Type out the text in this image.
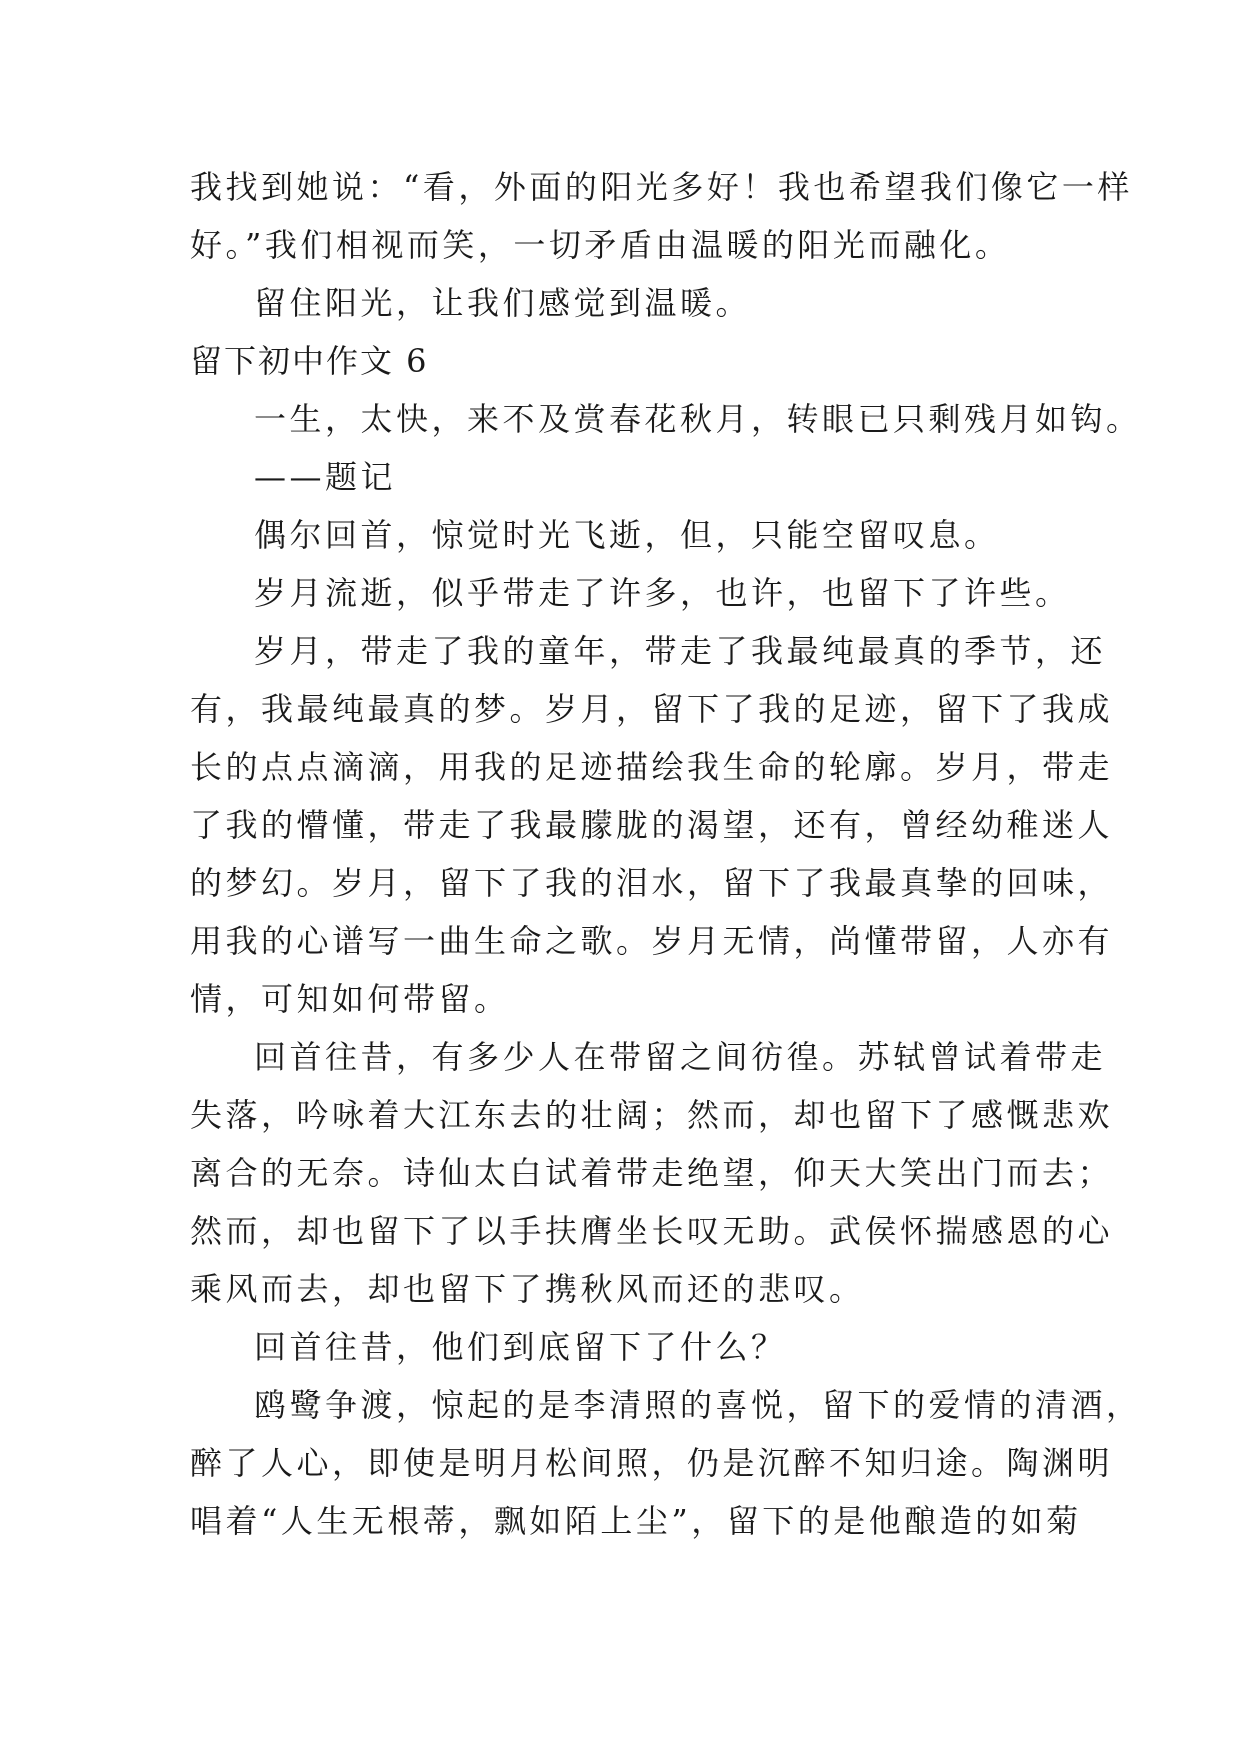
我找到她说：“看，外面的阳光多好！我也希望我们像它一样
好。”我们相视而笑，一切矛盾由温暖的阳光而融化。
留住阳光，让我们感觉到温暖。
留下初中作文 6
一生，太快，来不及赏春花秋月，转眼已只剩残月如钩。
——题记
偶尔回首，惊觉时光飞逝，但，只能空留叹息。
岁月流逝，似乎带走了许多，也许，也留下了许些。
岁月，带走了我的童年，带走了我最纯最真的季节，还
有，我最纯最真的梦。岁月，留下了我的足迹，留下了我成
长的点点滴滴，用我的足迹描绘我生命的轮廓。岁月，带走
了我的懵懂，带走了我最朦胧的渴望，还有，曾经幼稚迷人
的梦幻。岁月，留下了我的泪水，留下了我最真挚的回味，
用我的心谱写一曲生命之歌。岁月无情，尚懂带留，人亦有
情，可知如何带留。
回首往昔，有多少人在带留之间彷徨。苏轼曾试着带走
失落，吟咏着大江东去的壮阔；然而，却也留下了感慨悲欢
离合的无奈。诗仙太白试着带走绝望，仰天大笑出门而去；
然而，却也留下了以手扶膺坐长叹无助。武侯怀揣感恩的心
乘风而去，却也留下了携秋风而还的悲叹。
回首往昔，他们到底留下了什么？
鸥鹭争渡，惊起的是李清照的喜悦，留下的爱情的清酒，
醉了人心，即使是明月松间照，仍是沉醉不知归途。陶渊明
唱着“人生无根蒂，飘如陌上尘”，留下的是他酿造的如菊
